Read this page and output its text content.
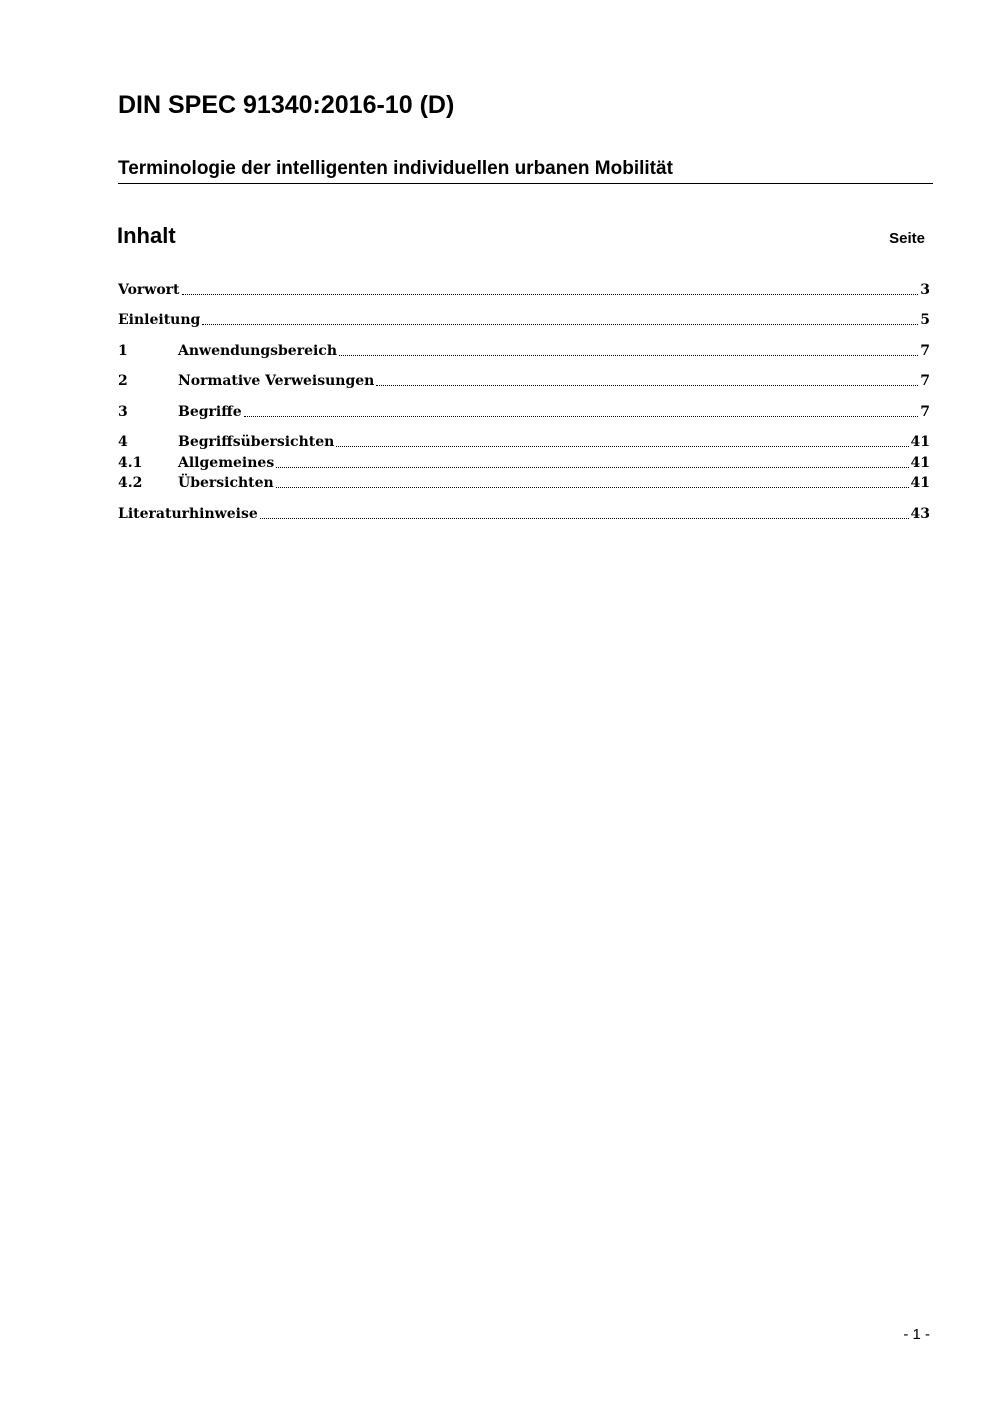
DIN SPEC 91340:2016-10 (D)
Terminologie der intelligenten individuellen urbanen Mobilität
Inhalt	Seite
Vorwort	3
Einleitung	5
1	Anwendungsbereich	7
2	Normative Verweisungen	7
3	Begriffe	7
4	Begriffsübersichten	41
4.1	Allgemeines	41
4.2	Übersichten	41
Literaturhinweise	43
- 1 -
